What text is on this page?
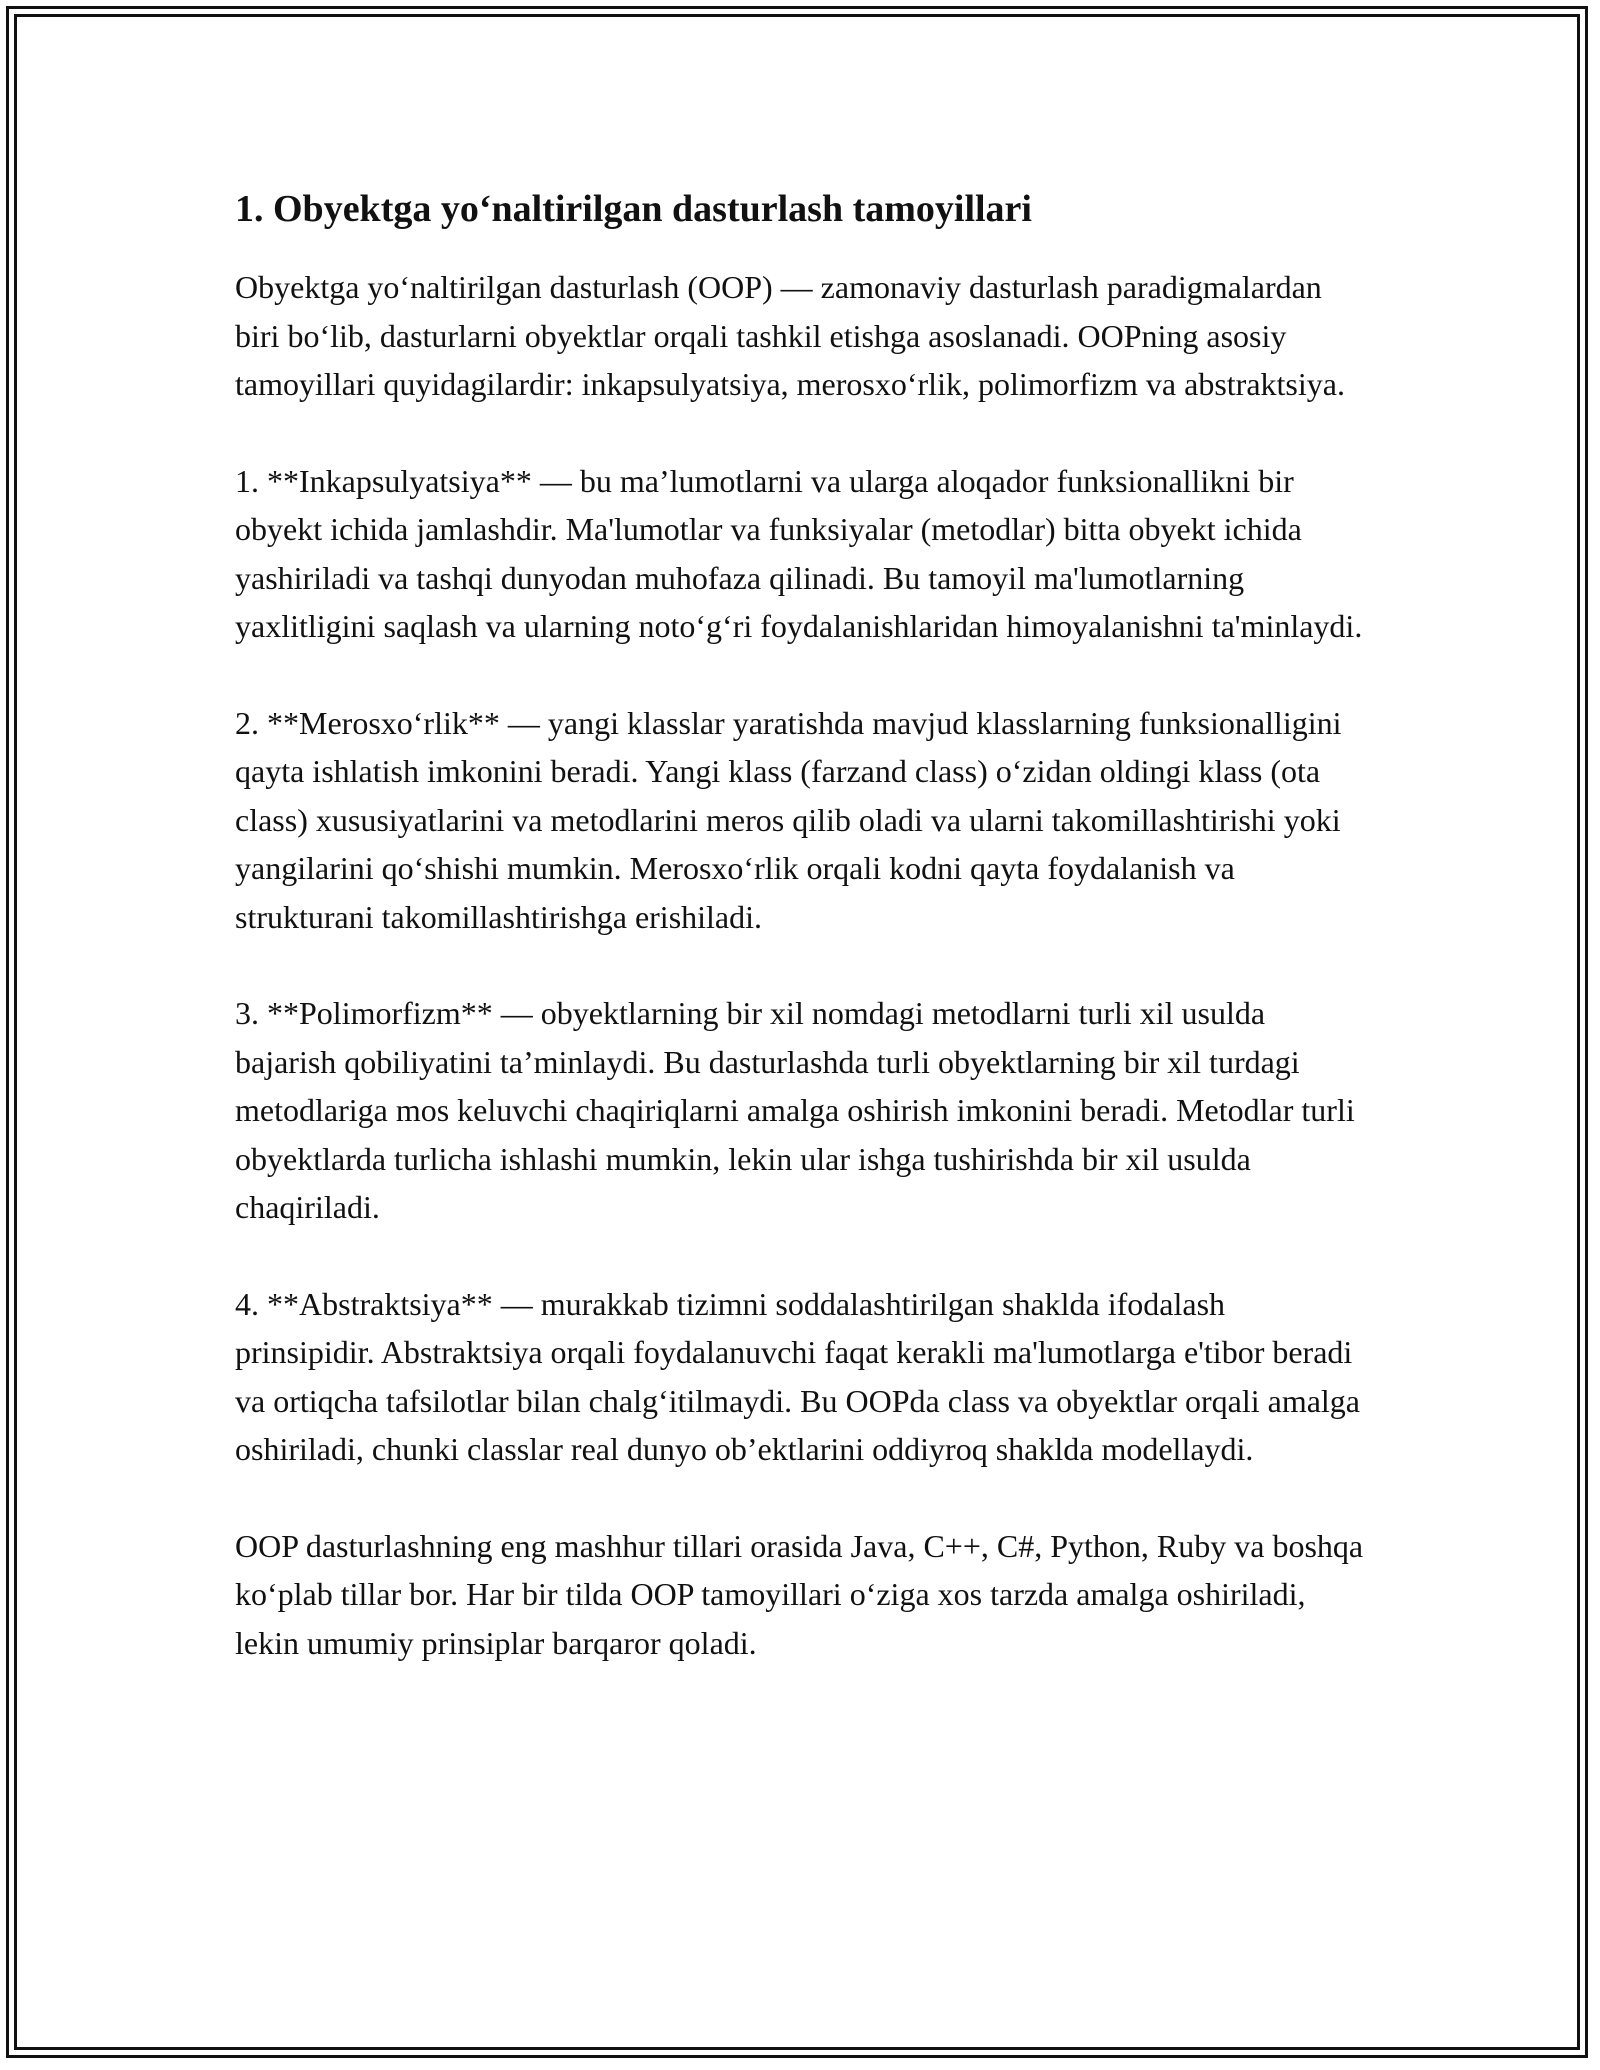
1. Obyektga yo‘naltirilgan dasturlash tamoyillari

Obyektga yo‘naltirilgan dasturlash (OOP) — zamonaviy dasturlash paradigmalardan biri bo‘lib, dasturlarni obyektlar orqali tashkil etishga asoslanadi. OOPning asosiy tamoyillari quyidagilardir: inkapsulyatsiya, merosxo‘rlik, polimorfizm va abstraktsiya.

1. **Inkapsulyatsiya** — bu ma’lumotlarni va ularga aloqador funksionallikni bir obyekt ichida jamlashdir. Ma'lumotlar va funksiyalar (metodlar) bitta obyekt ichida yashiriladi va tashqi dunyodan muhofaza qilinadi. Bu tamoyil ma'lumotlarning yaxlitligini saqlash va ularning noto‘g‘ri foydalanishlaridan himoyalanishni ta'minlaydi.

2. **Merosxo‘rlik** — yangi klasslar yaratishda mavjud klasslarning funksionalligini qayta ishlatish imkonini beradi. Yangi klass (farzand class) o‘zidan oldingi klass (ota class) xususiyatlarini va metodlarini meros qilib oladi va ularni takomillashtirishi yoki yangilarini qo‘shishi mumkin. Merosxo‘rlik orqali kodni qayta foydalanish va strukturani takomillashtirishga erishiladi.

3. **Polimorfizm** — obyektlarning bir xil nomdagi metodlarni turli xil usulda bajarish qobiliyatini ta’minlaydi. Bu dasturlashda turli obyektlarning bir xil turdagi metodlariga mos keluvchi chaqiriqlarni amalga oshirish imkonini beradi. Metodlar turli obyektlarda turlicha ishlashi mumkin, lekin ular ishga tushirishda bir xil usulda chaqiriladi.

4. **Abstraktsiya** — murakkab tizimni soddalashtirilgan shaklda ifodalash prinsipidir. Abstraktsiya orqali foydalanuvchi faqat kerakli ma'lumotlarga e'tibor beradi va ortiqcha tafsilotlar bilan chalg‘itilmaydi. Bu OOPda class va obyektlar orqali amalga oshiriladi, chunki classlar real dunyo ob’ektlarini oddiyroq shaklda modellaydi.

OOP dasturlashning eng mashhur tillari orasida Java, C++, C#, Python, Ruby va boshqa ko‘plab tillar bor. Har bir tilda OOP tamoyillari o‘ziga xos tarzda amalga oshiriladi, lekin umumiy prinsiplar barqaror qoladi.
